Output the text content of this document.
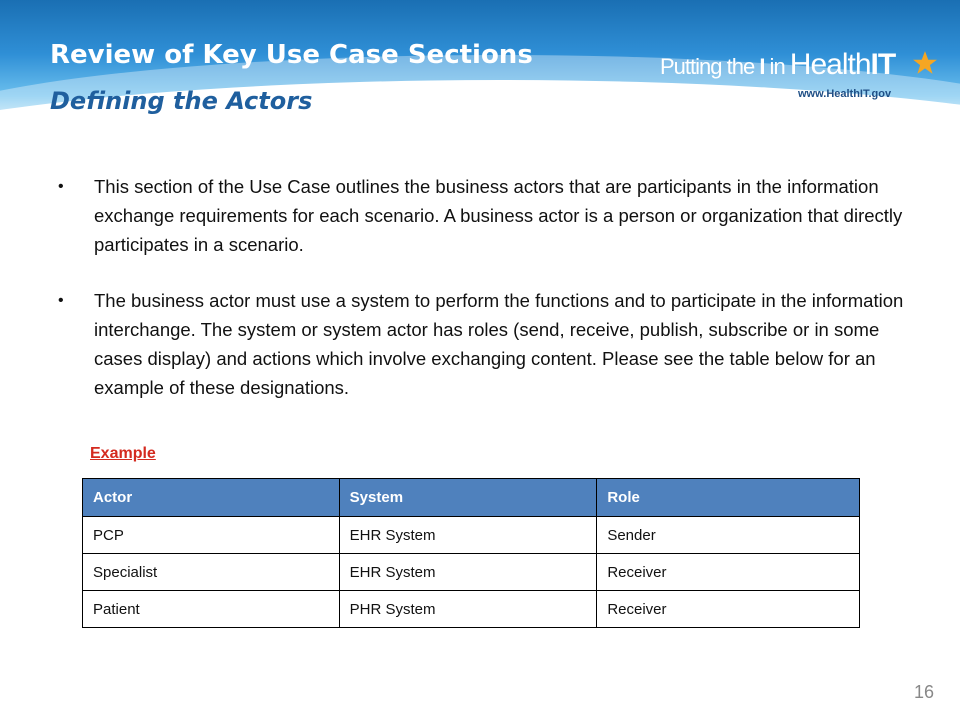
Review of Key Use Case Sections
Defining the Actors
Putting the I in HealthIT
www.HealthIT.gov
• This section of the Use Case outlines the business actors that are participants in the information exchange requirements for each scenario. A business actor is a person or organization that directly participates in a scenario.
• The business actor must use a system to perform the functions and to participate in the information interchange. The system or system actor has roles (send, receive, publish, subscribe or in some cases display) and actions which involve exchanging content. Please see the table below for an example of these designations.
Example
Actor	System	Role
PCP	EHR System	Sender
Specialist	EHR System	Receiver
Patient	PHR System	Receiver
16
